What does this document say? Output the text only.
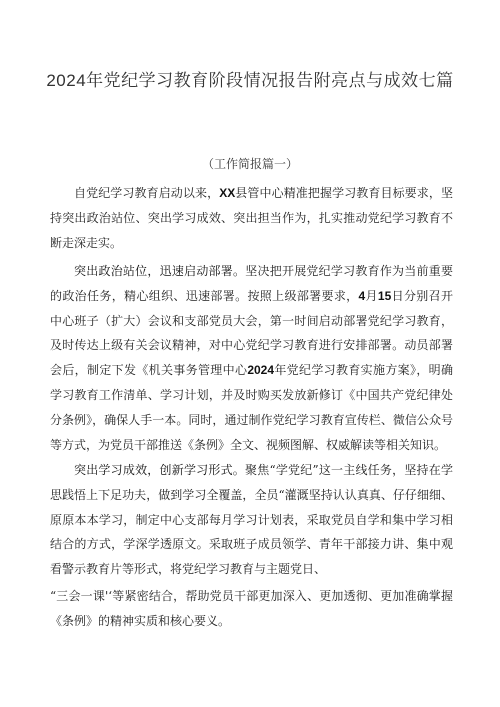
2024年党纪学习教育阶段情况报告附亮点与成效七篇

（工作简报篇一）

自党纪学习教育启动以来，XX县管中心精准把握学习教育目标要求，坚持突出政治站位、突出学习成效、突出担当作为，扎实推动党纪学习教育不断走深走实。

突出政治站位，迅速启动部署。坚决把开展党纪学习教育作为当前重要的政治任务，精心组织、迅速部署。按照上级部署要求，4月15日分别召开中心班子（扩大）会议和支部党员大会，第一时间启动部署党纪学习教育，及时传达上级有关会议精神，对中心党纪学习教育进行安排部署。动员部署会后，制定下发《机关事务管理中心2024年党纪学习教育实施方案》，明确学习教育工作清单、学习计划，并及时购买发放新修订《中国共产党纪律处分条例》，确保人手一本。同时，通过制作党纪学习教育宣传栏、微信公众号等方式，为党员干部推送《条例》全文、视频图解、权威解读等相关知识。

突出学习成效，创新学习形式。聚焦“学党纪”这一主线任务，坚持在学思践悟上下足功夫，做到学习全覆盖，全员“灌溉坚持认认真真、仔仔细细、原原本本学习，制定中心支部每月学习计划表，采取党员自学和集中学习相结合的方式，学深学透原文。采取班子成员领学、青年干部接力讲、集中观看警示教育片等形式，将党纪学习教育与主题党日、

“三会一课'‘等紧密结合，帮助党员干部更加深入、更加透彻、更加准确掌握《条例》的精神实质和核心要义。
